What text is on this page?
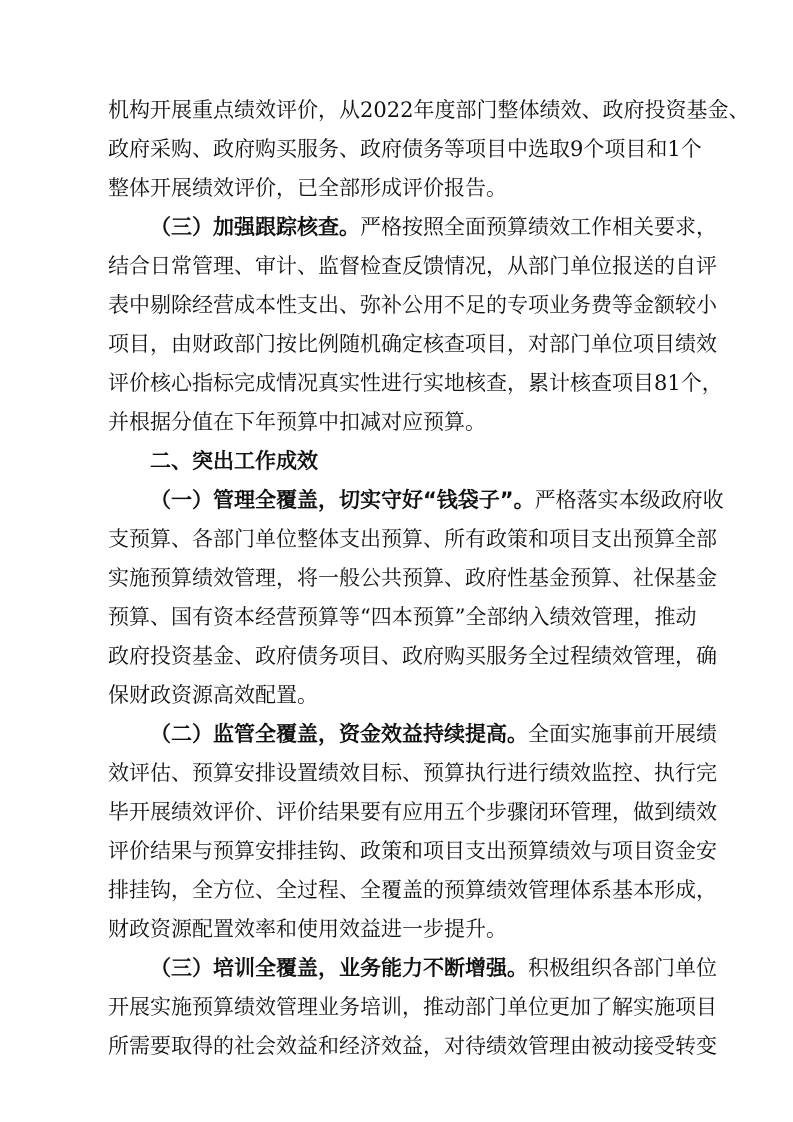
机构开展重点绩效评价，从2022年度部门整体绩效、政府投资基金、

政府采购、政府购买服务、政府债务等项目中选取9个项目和1个

整体开展绩效评价，已全部形成评价报告。

（三）加强跟踪核查。严格按照全面预算绩效工作相关要求，

结合日常管理、审计、监督检查反馈情况，从部门单位报送的自评

表中剔除经营成本性支出、弥补公用不足的专项业务费等金额较小

项目，由财政部门按比例随机确定核查项目，对部门单位项目绩效

评价核心指标完成情况真实性进行实地核查，累计核查项目81个，

并根据分值在下年预算中扣减对应预算。

二、突出工作成效

（一）管理全覆盖，切实守好“钱袋子”。严格落实本级政府收

支预算、各部门单位整体支出预算、所有政策和项目支出预算全部

实施预算绩效管理，将一般公共预算、政府性基金预算、社保基金

预算、国有资本经营预算等“四本预算”全部纳入绩效管理，推动

政府投资基金、政府债务项目、政府购买服务全过程绩效管理，确

保财政资源高效配置。

（二）监管全覆盖，资金效益持续提高。全面实施事前开展绩

效评估、预算安排设置绩效目标、预算执行进行绩效监控、执行完

毕开展绩效评价、评价结果要有应用五个步骤闭环管理，做到绩效

评价结果与预算安排挂钩、政策和项目支出预算绩效与项目资金安

排挂钩，全方位、全过程、全覆盖的预算绩效管理体系基本形成，

财政资源配置效率和使用效益进一步提升。

（三）培训全覆盖，业务能力不断增强。积极组织各部门单位

开展实施预算绩效管理业务培训，推动部门单位更加了解实施项目

所需要取得的社会效益和经济效益，对待绩效管理由被动接受转变
